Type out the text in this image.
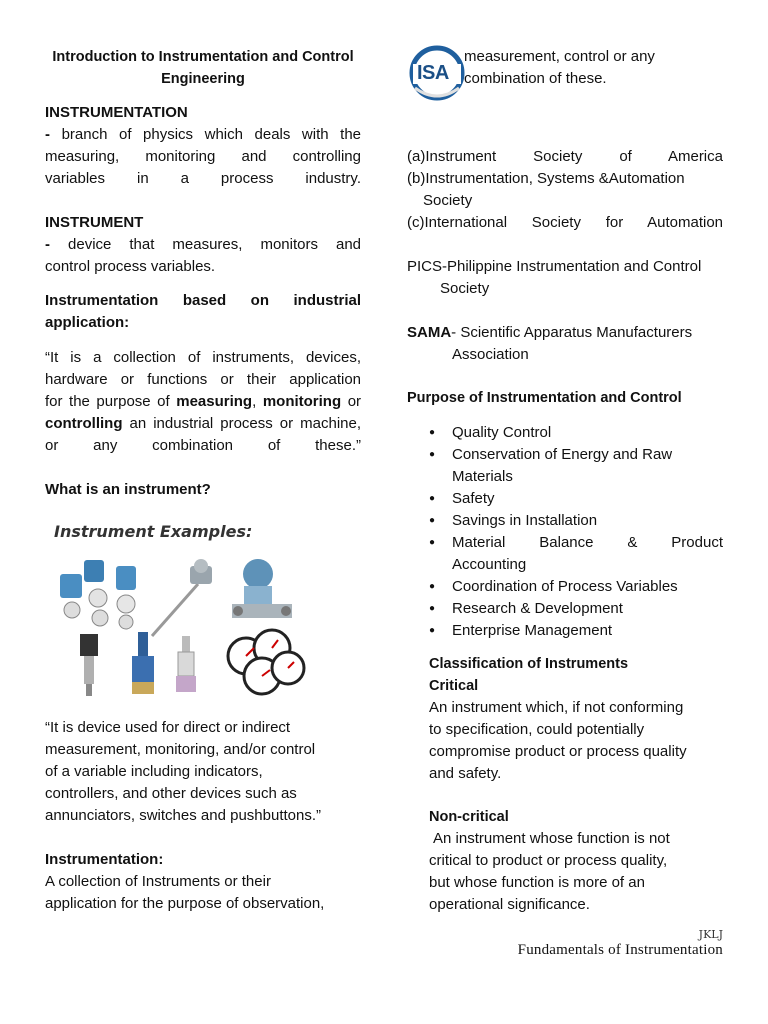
Introduction to Instrumentation and Control
Engineering
INSTRUMENTATION

- branch of physics which deals with the

measuring, monitoring and controlling

variables in a process industry.

INSTRUMENT

- device that measures, monitors and

control process variables.

Instrumentation based on industrial

application:

“It is a collection of instruments, devices,

hardware or functions or their application

for the purpose of measuring, monitoring or

controlling an industrial process or machine,

or any combination of these.”

What is an instrument?
Instrument Examples:

“It is device used for direct or indirect

measurement, monitoring, and/or control

of a variable including indicators,

controllers, and other devices such as

annunciators, switches and pushbuttons.”

Instrumentation:

A collection of Instruments or their

application for the purpose of observation,

ISA

measurement, control or any

combination of these.

(a)Instrument Society of America

(b)Instrumentation, Systems &Automation

Society

(c)International Society for Automation

PICS-Philippine Instrumentation and Control

Society

SAMA- Scientific Apparatus Manufacturers

Association

Purpose of Instrumentation and Control
● Quality Control
● Conservation of Energy and Raw
Materials
● Safety
● Savings in Installation
● Material Balance & Product
Accounting
● Coordination of Process Variables
● Research & Development
● Enterprise Management

Classification of Instruments

Critical

An instrument which, if not conforming

to specification, could potentially

compromise product or process quality

and safety.

Non-critical

An instrument whose function is not

critical to product or process quality,

but whose function is more of an

operational significance.

JKLJ
Fundamentals of Instrumentation
